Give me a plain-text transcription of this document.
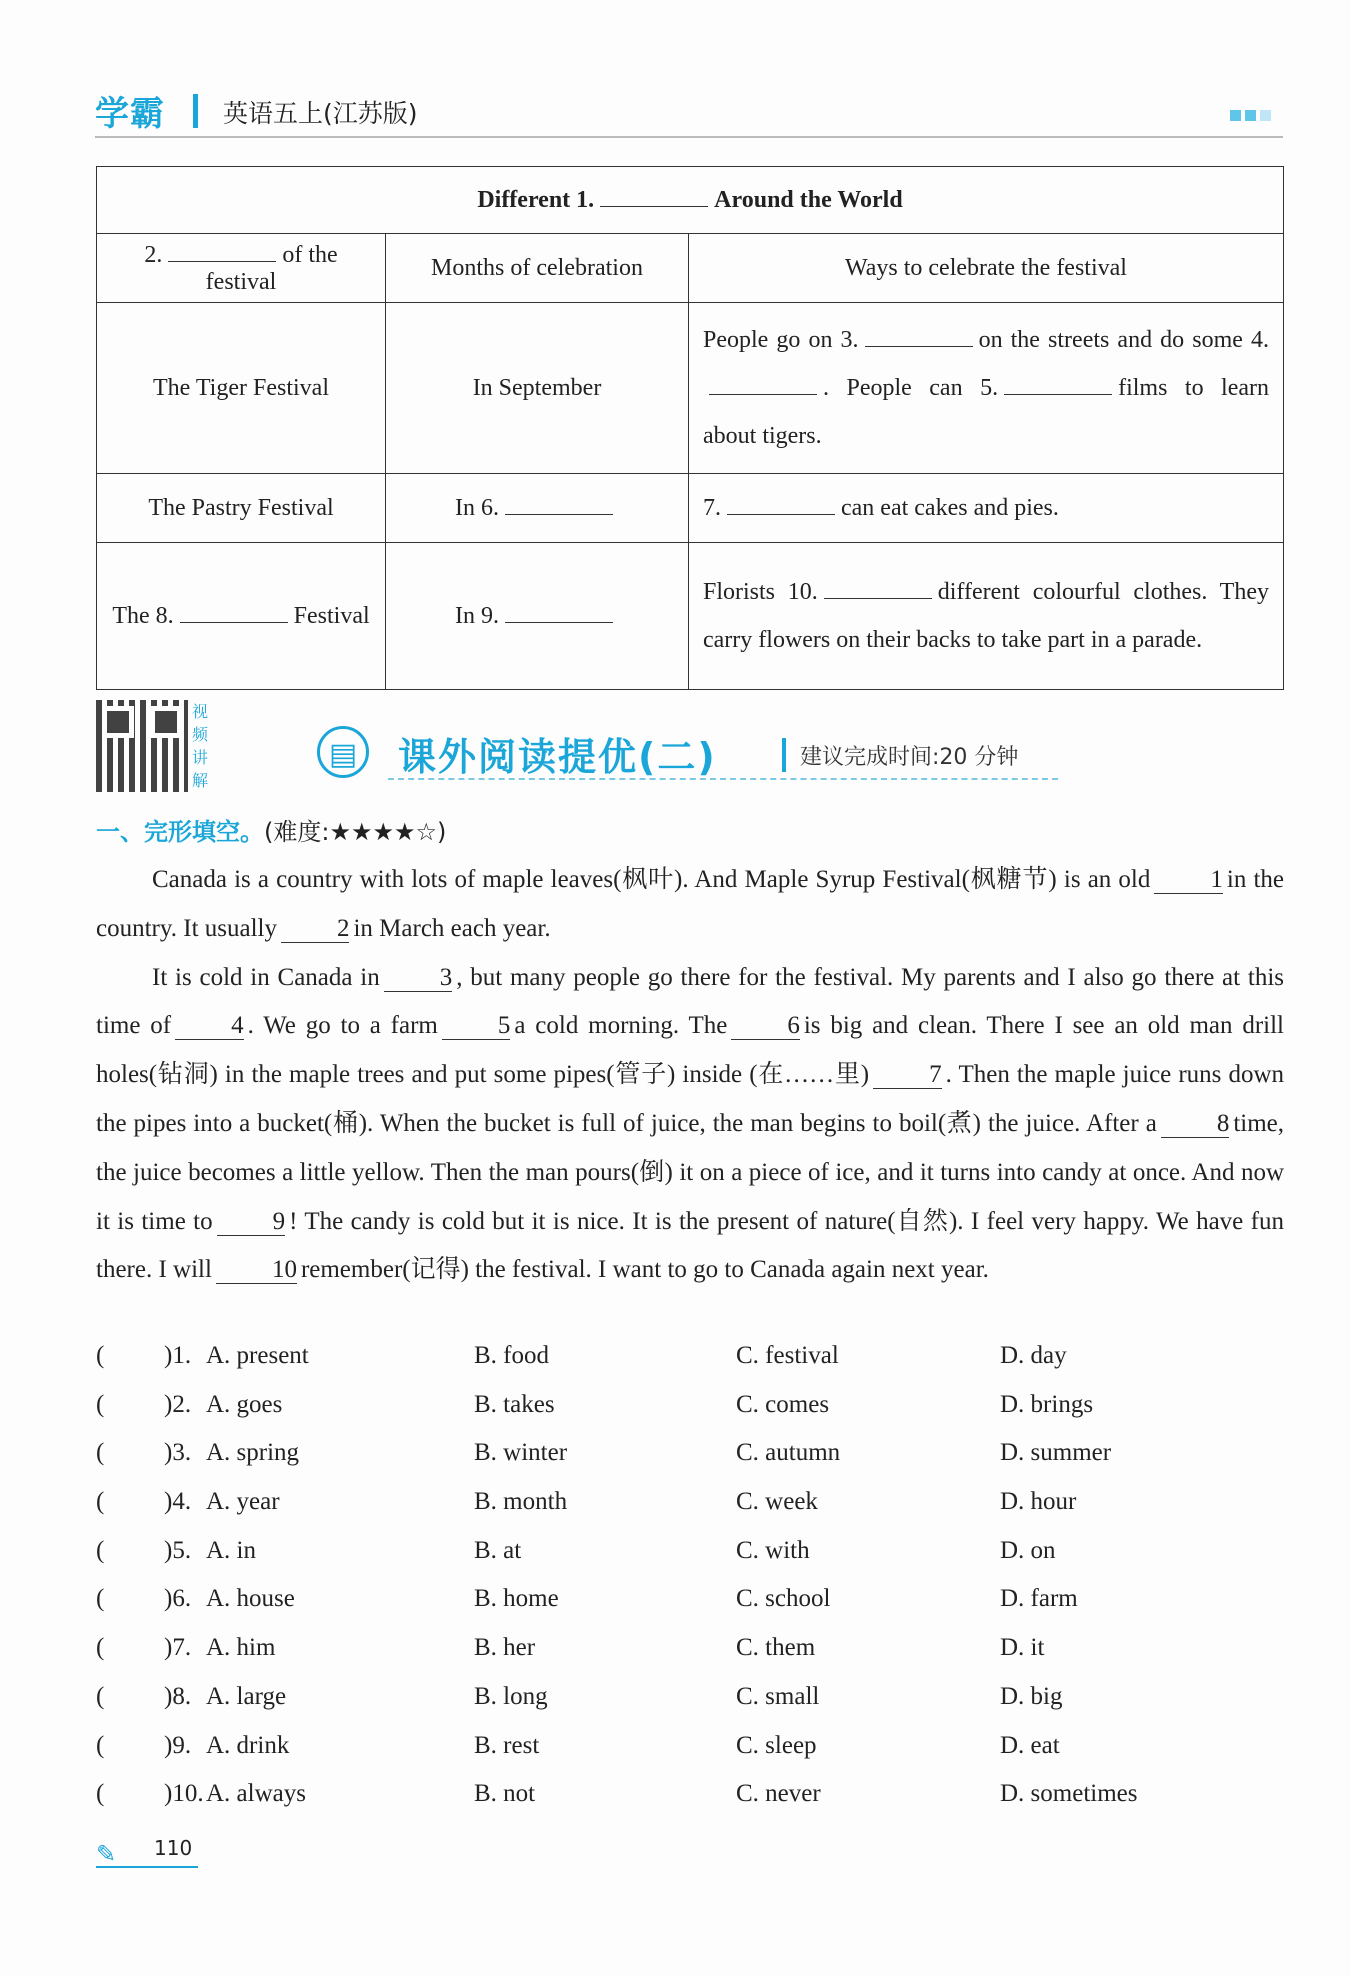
学霸 英语五上(江苏版)
Different 1. Around the World		
2. of the festival	Months of celebration	Ways to celebrate the festival
The Tiger Festival	In September	People go on 3. on the streets and do some 4.. People can 5. films to learn about tigers.
The Pastry Festival	In 6.	7. can eat cakes and pies.
The 8. Festival	In 9.	Florists 10. different colourful clothes. They carry flowers on their backs to take part in a parade.
视频讲解
▤	课外阅读提优(二)	建议完成时间:20 分钟
一、完形填空。(难度:★★★★☆)

Canada is a country with lots of maple leaves(枫叶). And Maple Syrup Festival(枫糖节) is an old 1 in the country. It usually 2 in March each year.

It is cold in Canada in 3 , but many people go there for the festival. My parents and I also go there at this time of 4 . We go to a farm 5 a cold morning. The 6 is big and clean. There I see an old man drill holes(钻洞) in the maple trees and put some pipes(管子) inside (在……里) 7 . Then the maple juice runs down the pipes into a bucket(桶). When the bucket is full of juice, the man begins to boil(煮) the juice. After a 8 time, the juice becomes a little yellow. Then the man pours(倒) it on a piece of ice, and it turns into candy at once. And now it is time to 9 ! The candy is cold but it is nice. It is the present of nature(自然). I feel very happy. We have fun there. I will 10 remember(记得) the festival. I want to go to Canada again next year.

( )1. A. present	B. food	C. festival	D. day
( )2. A. goes	B. takes	C. comes	D. brings
( )3. A. spring	B. winter	C. autumn	D. summer
( )4. A. year	B. month	C. week	D. hour
( )5. A. in	B. at	C. with	D. on
( )6. A. house	B. home	C. school	D. farm
( )7. A. him	B. her	C. them	D. it
( )8. A. large	B. long	C. small	D. big
( )9. A. drink	B. rest	C. sleep	D. eat
( )10. A. always	B. not	C. never	D. sometimes
✎ 110
